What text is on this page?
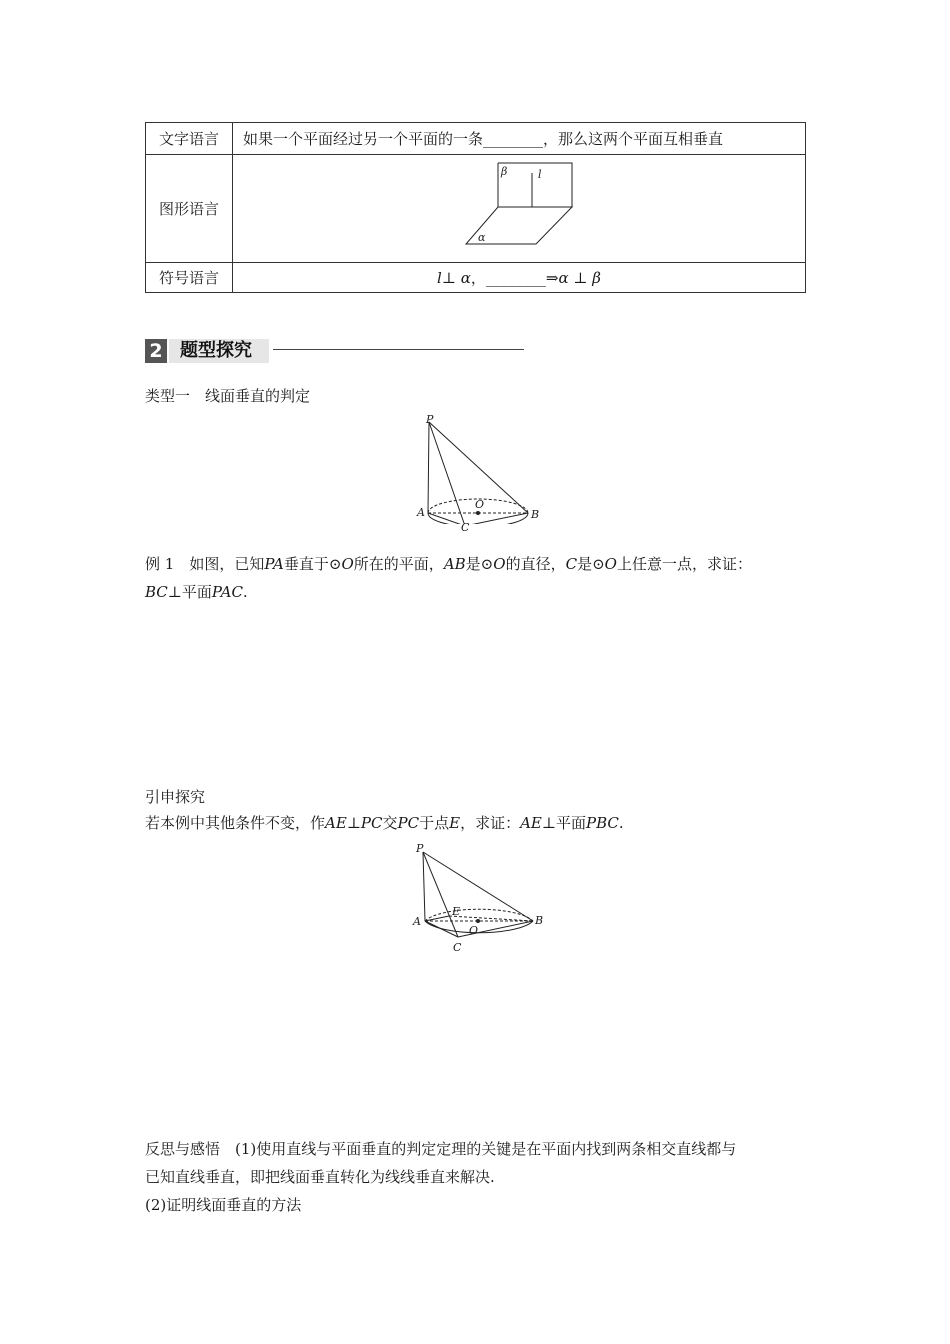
文字语言	如果一个平面经过另一个平面的一条________，那么这两个平面互相垂直
图形语言	β l
α

符号语言	l⊥ α，________⇒α ⊥ β
2 题型探究
类型一　线面垂直的判定
P
O
A	B
C
例 1　 如图，已知PA垂直于⊙O所在的平面，AB是⊙O的直径，C是⊙O上任意一点，求证：
BC⊥平面PAC.
引申探究
若本例中其他条件不变，作AE⊥PC交PC于点E，求证：AE⊥平面PBC.
P
E
O
A	B
C
反思与感悟　(1)使用直线与平面垂直的判定定理的关键是在平面内找到两条相交直线都与
已知直线垂直，即把线面垂直转化为线线垂直来解决.
(2)证明线面垂直的方法
